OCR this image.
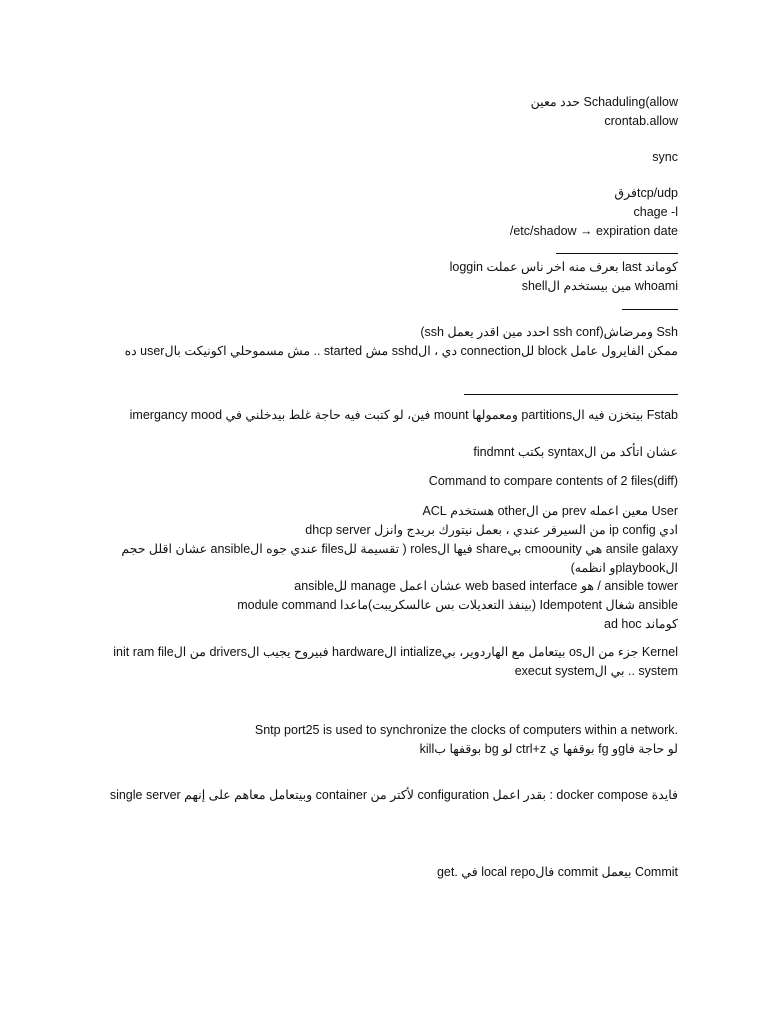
Schaduling(allow حدد معين
crontab.allow
sync
tcp/udpفرق
chage -l
etc/shadow → expiration date/
كوماند last بعرف منه اخر ناس عملت loggin
whoami مين بيستخدم الshell
Ssh ومرضاش(ssh conf احدد مين اقدر يعمل ssh)
ممكن الفايرول عامل block للconnection دي ، الsshd مش started .. مش مسموحلي اكونيكت بالuser ده
Fstab بيتخزن فيه الpartitions ومعمولها mount فين، لو كتبت فيه حاجة غلط بيدخلني في imergancy mood
عشان اتأكد من الsyntax بكتب findmnt
Command to compare contents of 2 files(diff)
User معين اعمله prev من الother هستخدم ACL
ادي ip config من السيرفر عندي ، بعمل نيتورك بريدج وانزل dhcp server
ansile galaxy هي cmoounity بيshare فيها الroles ( تقسيمة للfiles عندي جوه الansible عشان اقلل حجم الplaybookو انظمه)
ansible tower / هو web based interface عشان اعمل manage للansible
ansible شغال Idempotent (بينفذ التعديلات بس عالسكريبت)ماعدا module command
كوماند ad hoc
Kernel جزء من الos بيتعامل مع الهاردوير، بيintialize الhardware فبيروح يجيب الdrivers من الinit ram file system .. بي الexecut system
.Sntp port25 is used to synchronize the clocks of computers within a network
لو حاجة فاgو fg بوقفها ي ctrl+z لو bg بوقفها بkill
فايدة docker compose : بقدر اعمل configuration لأكتر من container وبيتعامل معاهم على إنهم single server
Commit بيعمل commit فالlocal repo في .get
